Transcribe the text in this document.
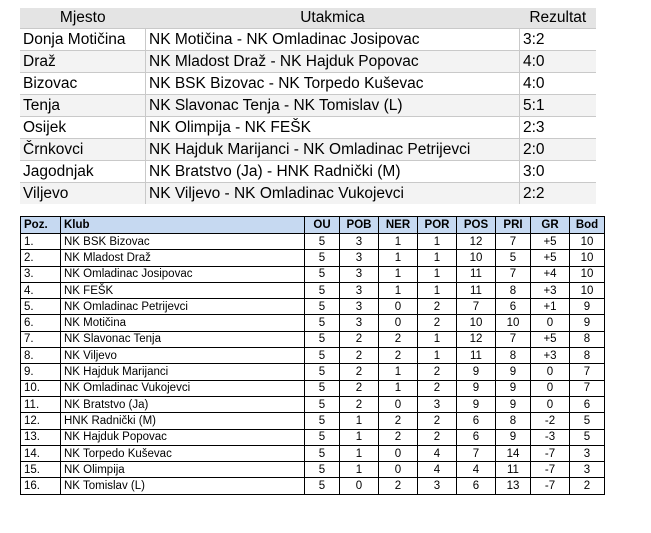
Mjesto	Utakmica	Rezultat
Donja Motičina	NK Motičina - NK Omladinac Josipovac	3:2
Draž	NK Mladost Draž - NK Hajduk Popovac	4:0
Bizovac	NK BSK Bizovac - NK Torpedo Kuševac	4:0
Tenja	NK Slavonac Tenja - NK Tomislav (L)	5:1
Osijek	NK Olimpija - NK FEŠK	2:3
Črnkovci	NK Hajduk Marijanci - NK Omladinac Petrijevci	2:0
Jagodnjak	NK Bratstvo (Ja) - HNK Radnički (M)	3:0
Viljevo	NK Viljevo - NK Omladinac Vukojevci	2:2
Poz.	Klub	OU	POB	NER	POR	POS	PRI	GR	Bod
1.	NK BSK Bizovac	5	3	1	1	12	7	+5	10
2.	NK Mladost Draž	5	3	1	1	10	5	+5	10
3.	NK Omladinac Josipovac	5	3	1	1	11	7	+4	10
4.	NK FEŠK	5	3	1	1	11	8	+3	10
5.	NK Omladinac Petrijevci	5	3	0	2	7	6	+1	9
6.	NK Motičina	5	3	0	2	10	10	0	9
7.	NK Slavonac Tenja	5	2	2	1	12	7	+5	8
8.	NK Viljevo	5	2	2	1	11	8	+3	8
9.	NK Hajduk Marijanci	5	2	1	2	9	9	0	7
10.	NK Omladinac Vukojevci	5	2	1	2	9	9	0	7
11.	NK Bratstvo (Ja)	5	2	0	3	9	9	0	6
12.	HNK Radnički (M)	5	1	2	2	6	8	-2	5
13.	NK Hajduk Popovac	5	1	2	2	6	9	-3	5
14.	NK Torpedo Kuševac	5	1	0	4	7	14	-7	3
15.	NK Olimpija	5	1	0	4	4	11	-7	3
16.	NK Tomislav (L)	5	0	2	3	6	13	-7	2
